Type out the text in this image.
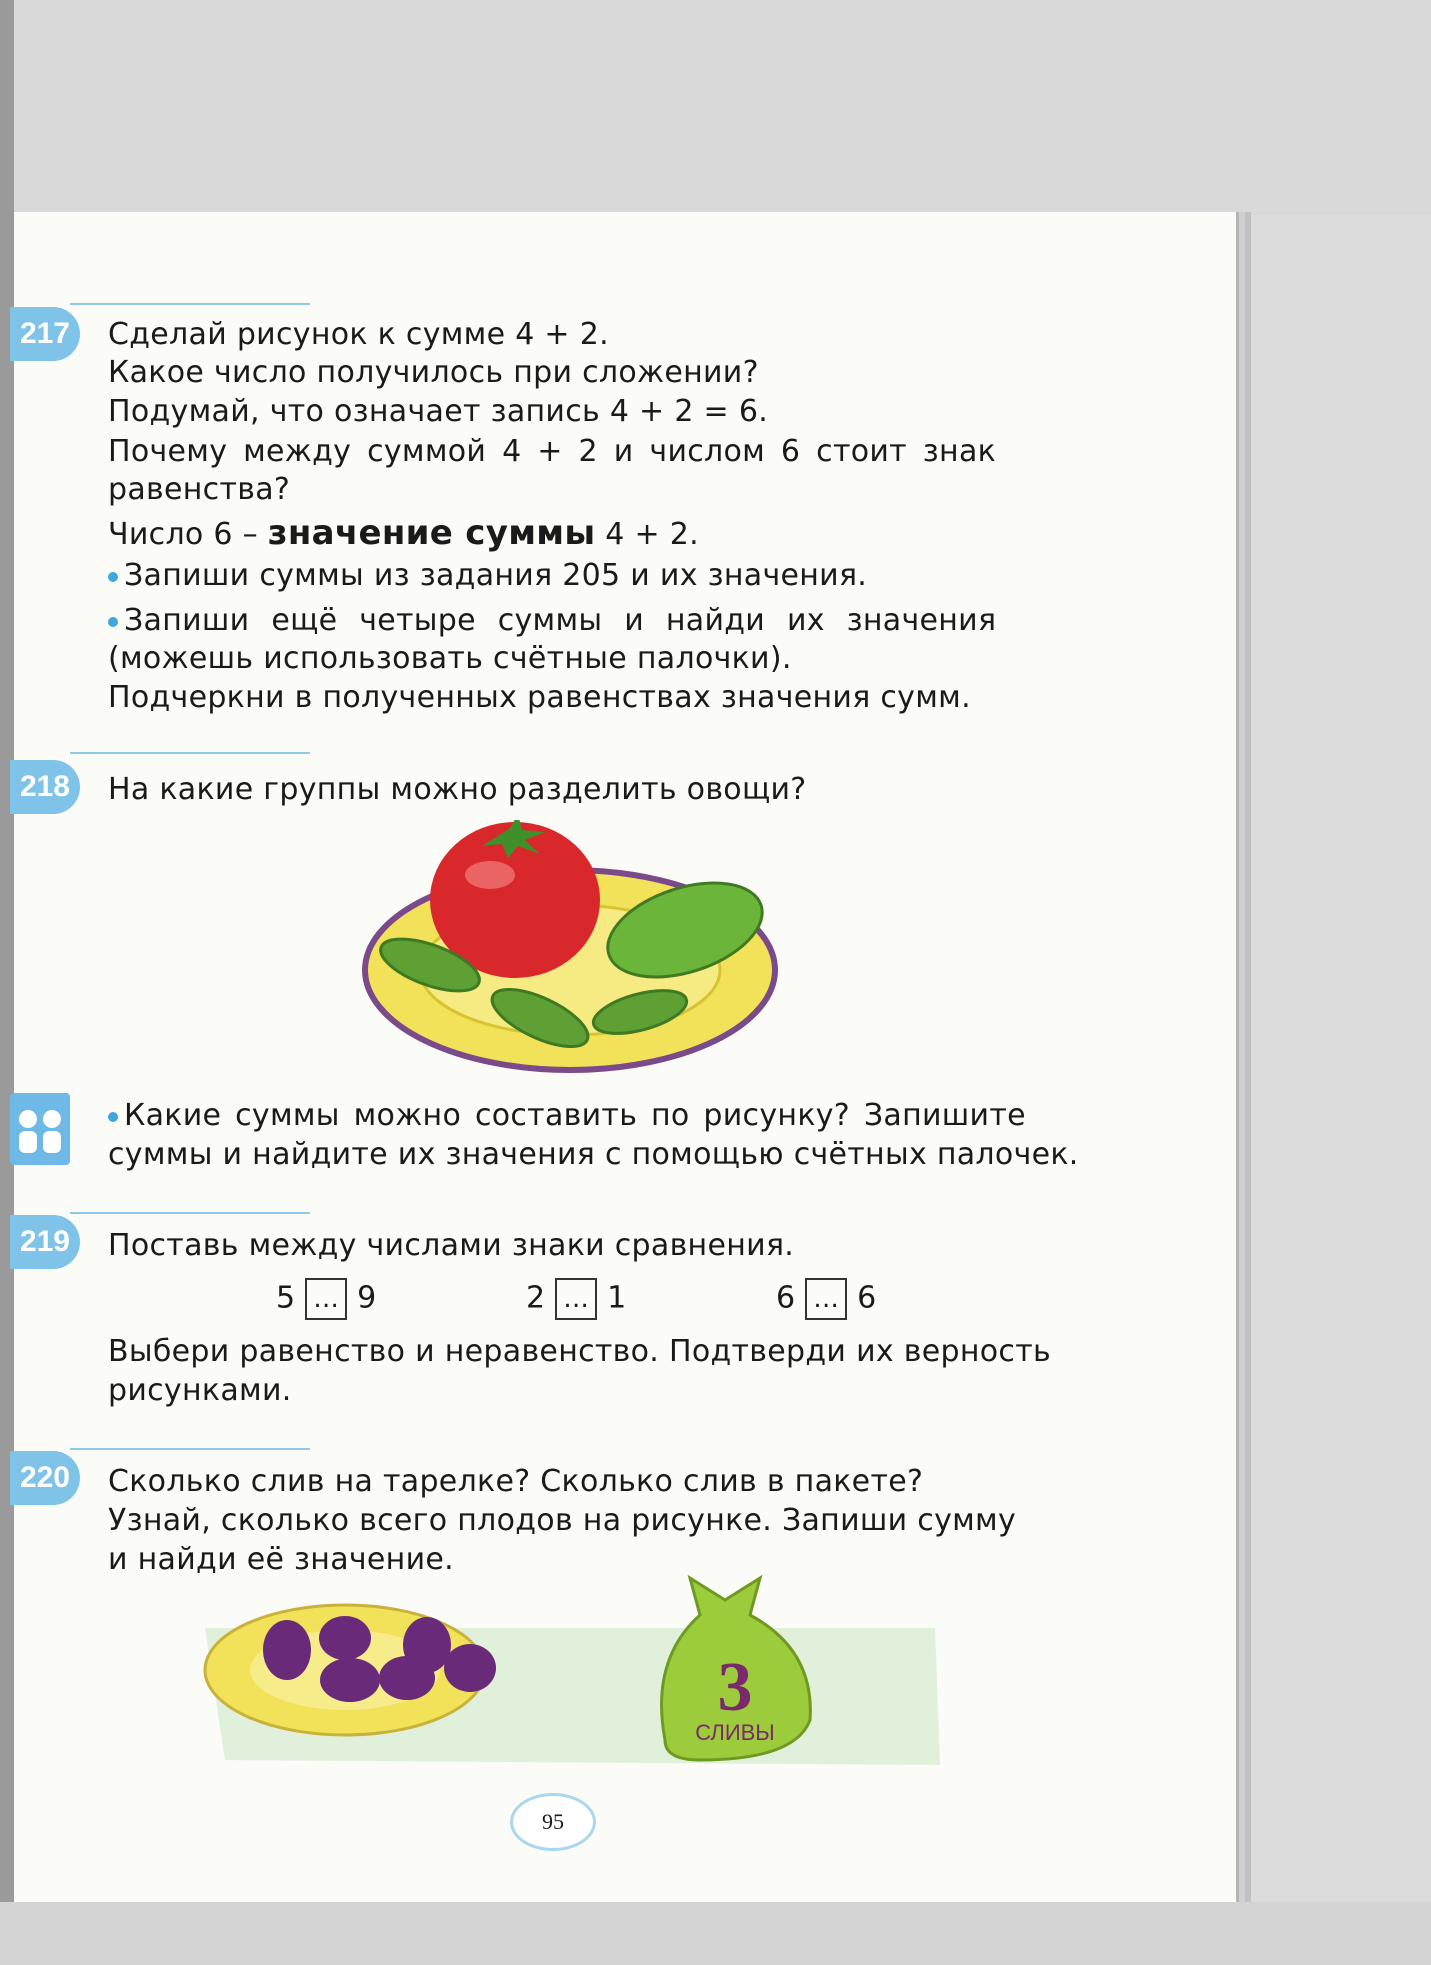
217 Сделай рисунок к сумме 4 + 2.
Какое число получилось при сложении?
Подумай, что означает запись 4 + 2 = 6.
Почему между суммой 4 + 2 и числом 6 стоит знак
равенства?
Число 6 – значение суммы 4 + 2.
Запиши суммы из задания 205 и их значения.
Запиши ещё четыре суммы и найди их значения
(можешь использовать счётные палочки).
Подчеркни в полученных равенствах значения сумм.
218 На какие группы можно разделить овощи?
Какие суммы можно составить по рисунку? Запишите
суммы и найдите их значения с помощью счётных палочек.
219 Поставь между числами знаки сравнения.
5 ... 9	2 ... 1	6 ... 6
Выбери равенство и неравенство. Подтверди их верность
рисунками.
220 Сколько слив на тарелке? Сколько слив в пакете?
Узнай, сколько всего плодов на рисунке. Запиши сумму
и найди её значение.
3
СЛИВЫ
95
